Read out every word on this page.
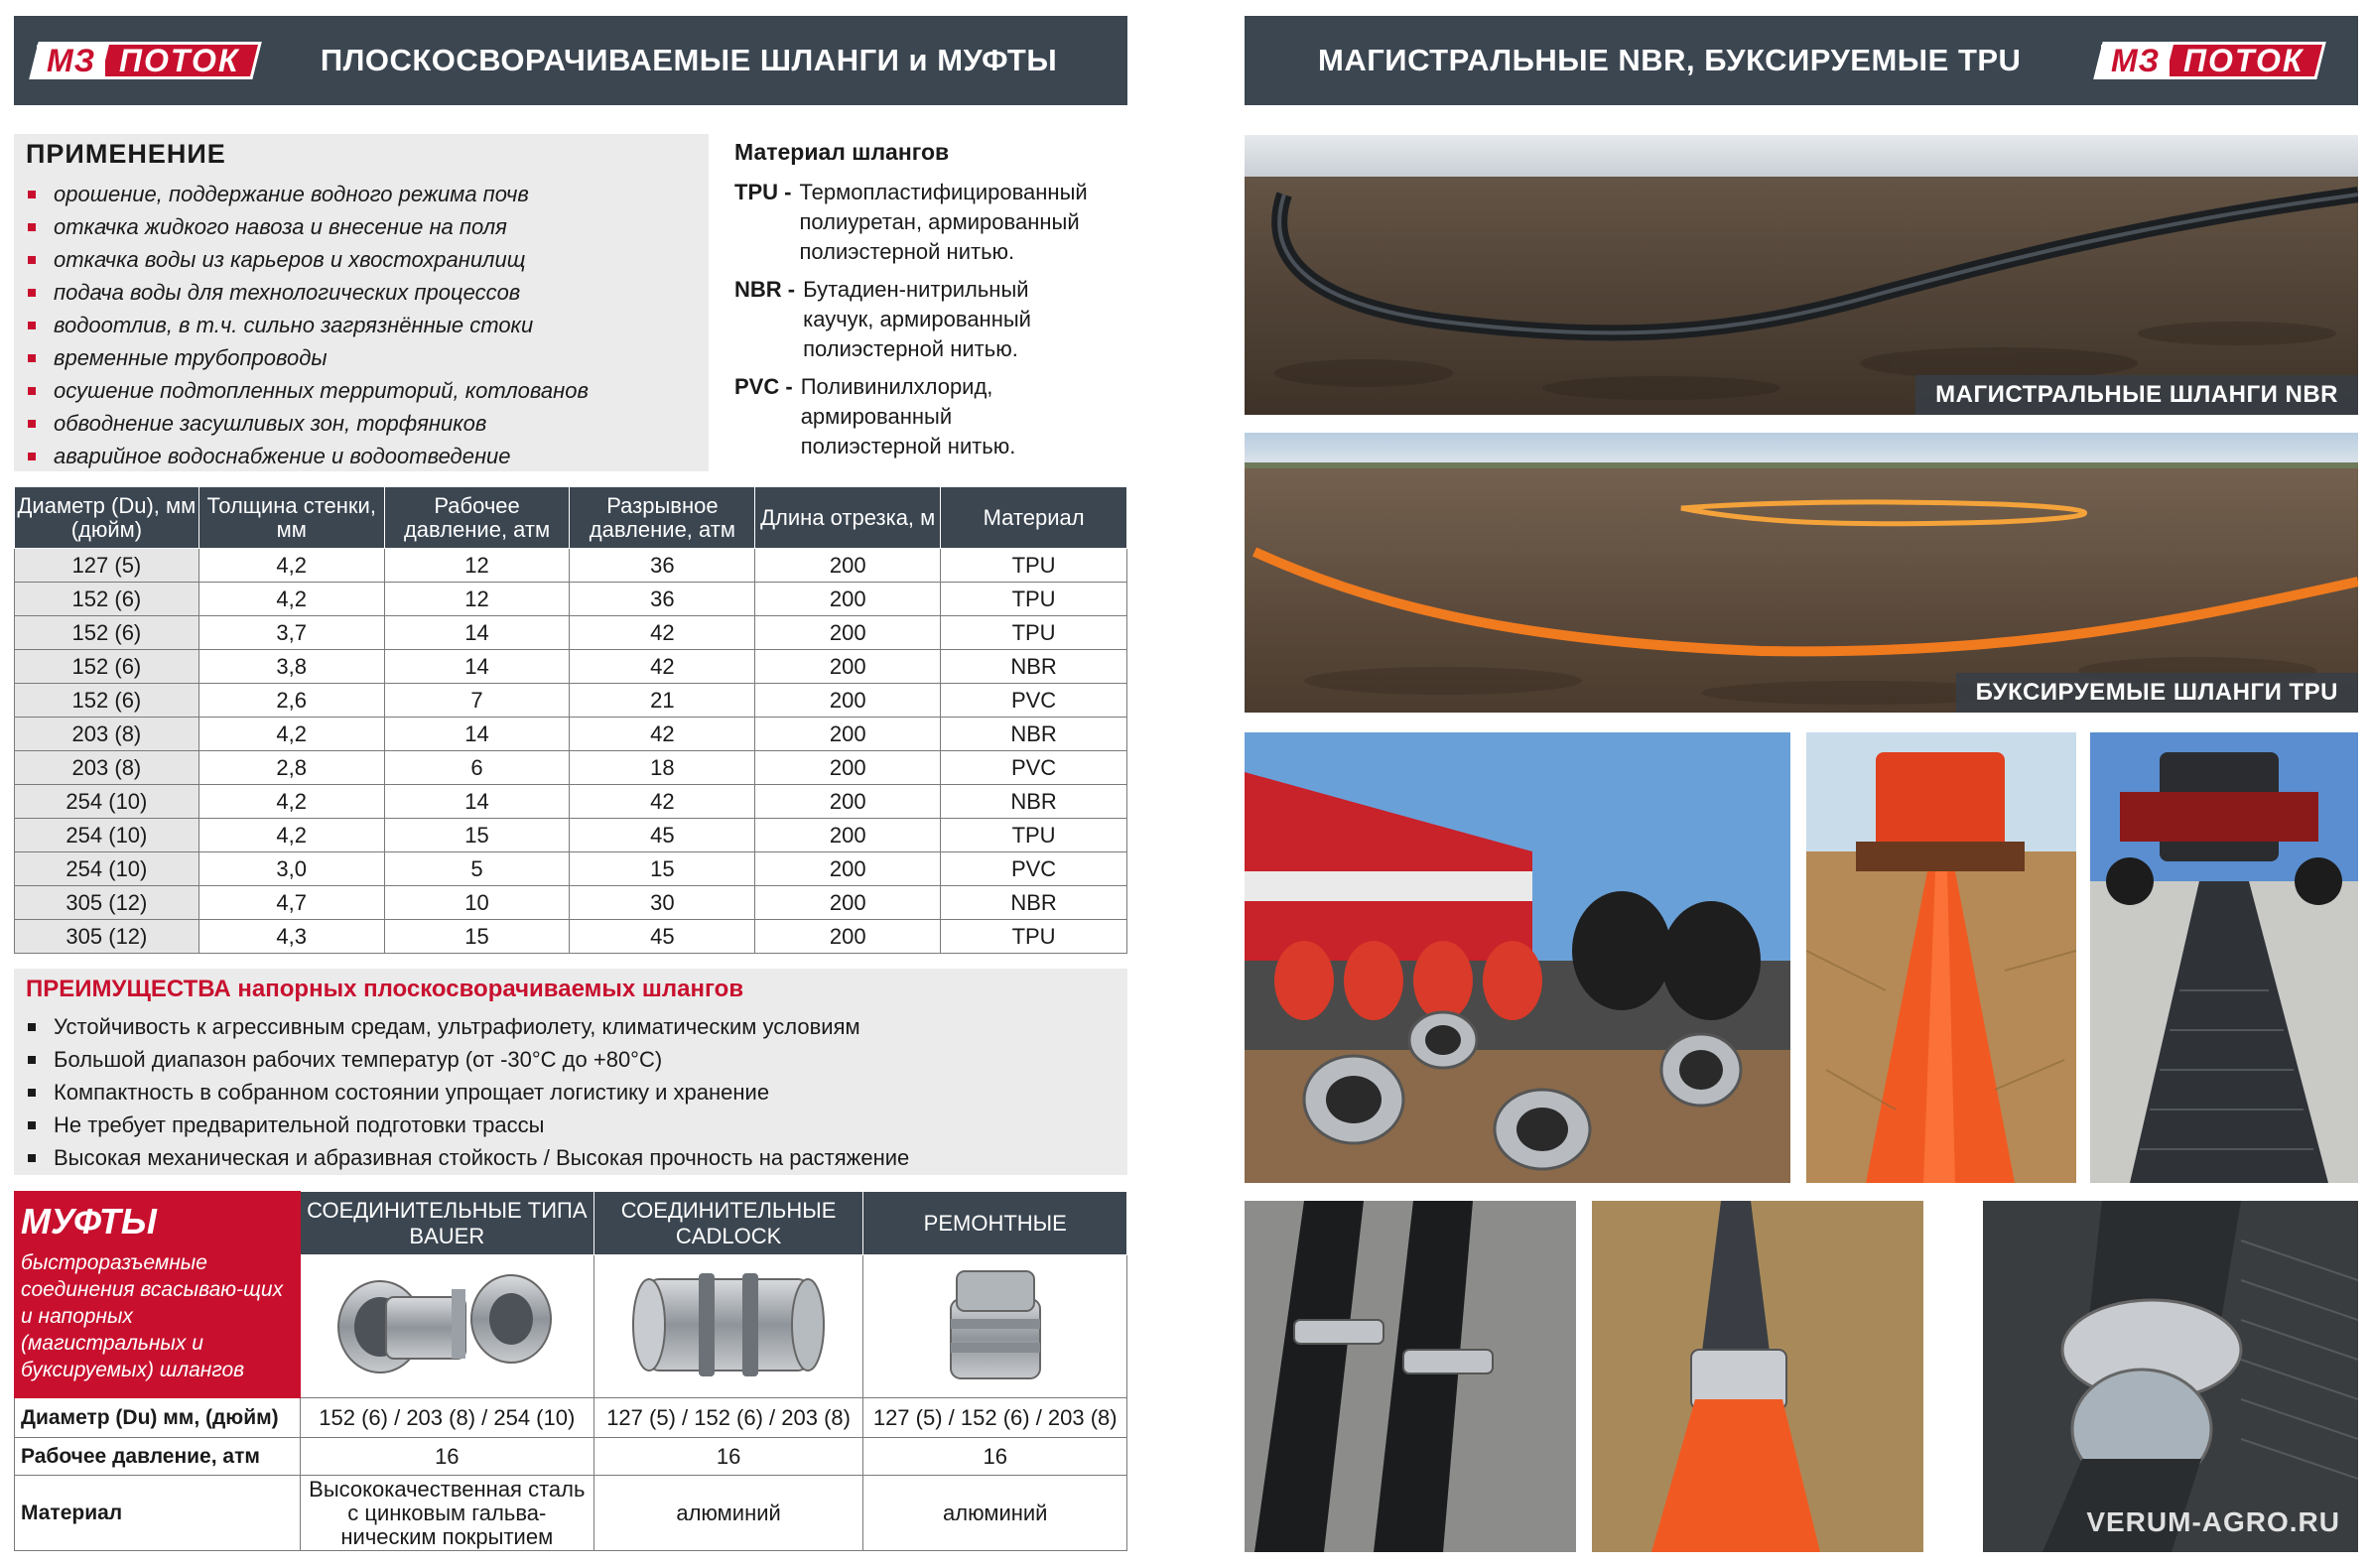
МЗ ПОТОК	ПЛОСКОСВОРАЧИВАЕМЫЕ ШЛАНГИ и МУФТЫ	МАГИСТРАЛЬНЫЕ NBR, БУКСИРУЕМЫЕ TPU	МЗ ПОТОК
ПРИМЕНЕНИЕ
орошение, поддержание водного режима почв
откачка жидкого навоза и внесение на поля
откачка воды из карьеров и хвостохранилищ
подача воды для технологических процессов
водоотлив, в т.ч. сильно загрязнённые стоки
временные трубопроводы
осушение подтопленных территорий, котлованов
обводнение засушливых зон, торфяников
аварийное водоснабжение и водоотведение
Материал шлангов
TPU - Термопластифицированный
полиуретан, армированный
полиэстерной нитью.
NBR - Бутадиен-нитрильный
каучук, армированный
полиэстерной нитью.
PVC - Поливинилхлорид,
армированный
полиэстерной нитью.
Диаметр (Du), мм (дюйм)	Толщина стенки, мм	Рабочее давление, атм	Разрывное давление, атм	Длина отрезка, м	Материал
127 (5)	4,2	12	36	200	TPU
152 (6)	4,2	12	36	200	TPU
152 (6)	3,7	14	42	200	TPU
152 (6)	3,8	14	42	200	NBR
152 (6)	2,6	7	21	200	PVC
203 (8)	4,2	14	42	200	NBR
203 (8)	2,8	6	18	200	PVC
254 (10)	4,2	14	42	200	NBR
254 (10)	4,2	15	45	200	TPU
254 (10)	3,0	5	15	200	PVC
305 (12)	4,7	10	30	200	NBR
305 (12)	4,3	15	45	200	TPU
ПРЕИМУЩЕСТВА напорных плоскосворачиваемых шлангов
Устойчивость к агрессивным средам, ультрафиолету, климатическим условиям
Большой диапазон рабочих температур (от -30°C до +80°C)
Компактность в собранном состоянии упрощает логистику и хранение
Не требует предварительной подготовки трассы
Высокая механическая и абразивная стойкость / Высокая прочность на растяжение
МУФТЫ
быстроразъемные соединения всасываю-щих и напорных (магистральных и буксируемых) шлангов	СОЕДИНИТЕЛЬНЫЕ ТИПА BAUER	СОЕДИНИТЕЛЬНЫЕ CADLOCK	РЕМОНТНЫЕ

Диаметр (Du) мм, (дюйм)	152 (6) / 203 (8) / 254 (10)	127 (5) / 152 (6) / 203 (8)	127 (5) / 152 (6) / 203 (8)
Рабочее давление, атм	16	16	16
Материал	Высококачественная сталь с цинковым гальва-ническим покрытием	алюминий	алюминий
МАГИСТРАЛЬНЫЕ ШЛАНГИ NBR
БУКСИРУЕМЫЕ ШЛАНГИ TPU
VERUM-AGRO.RU
